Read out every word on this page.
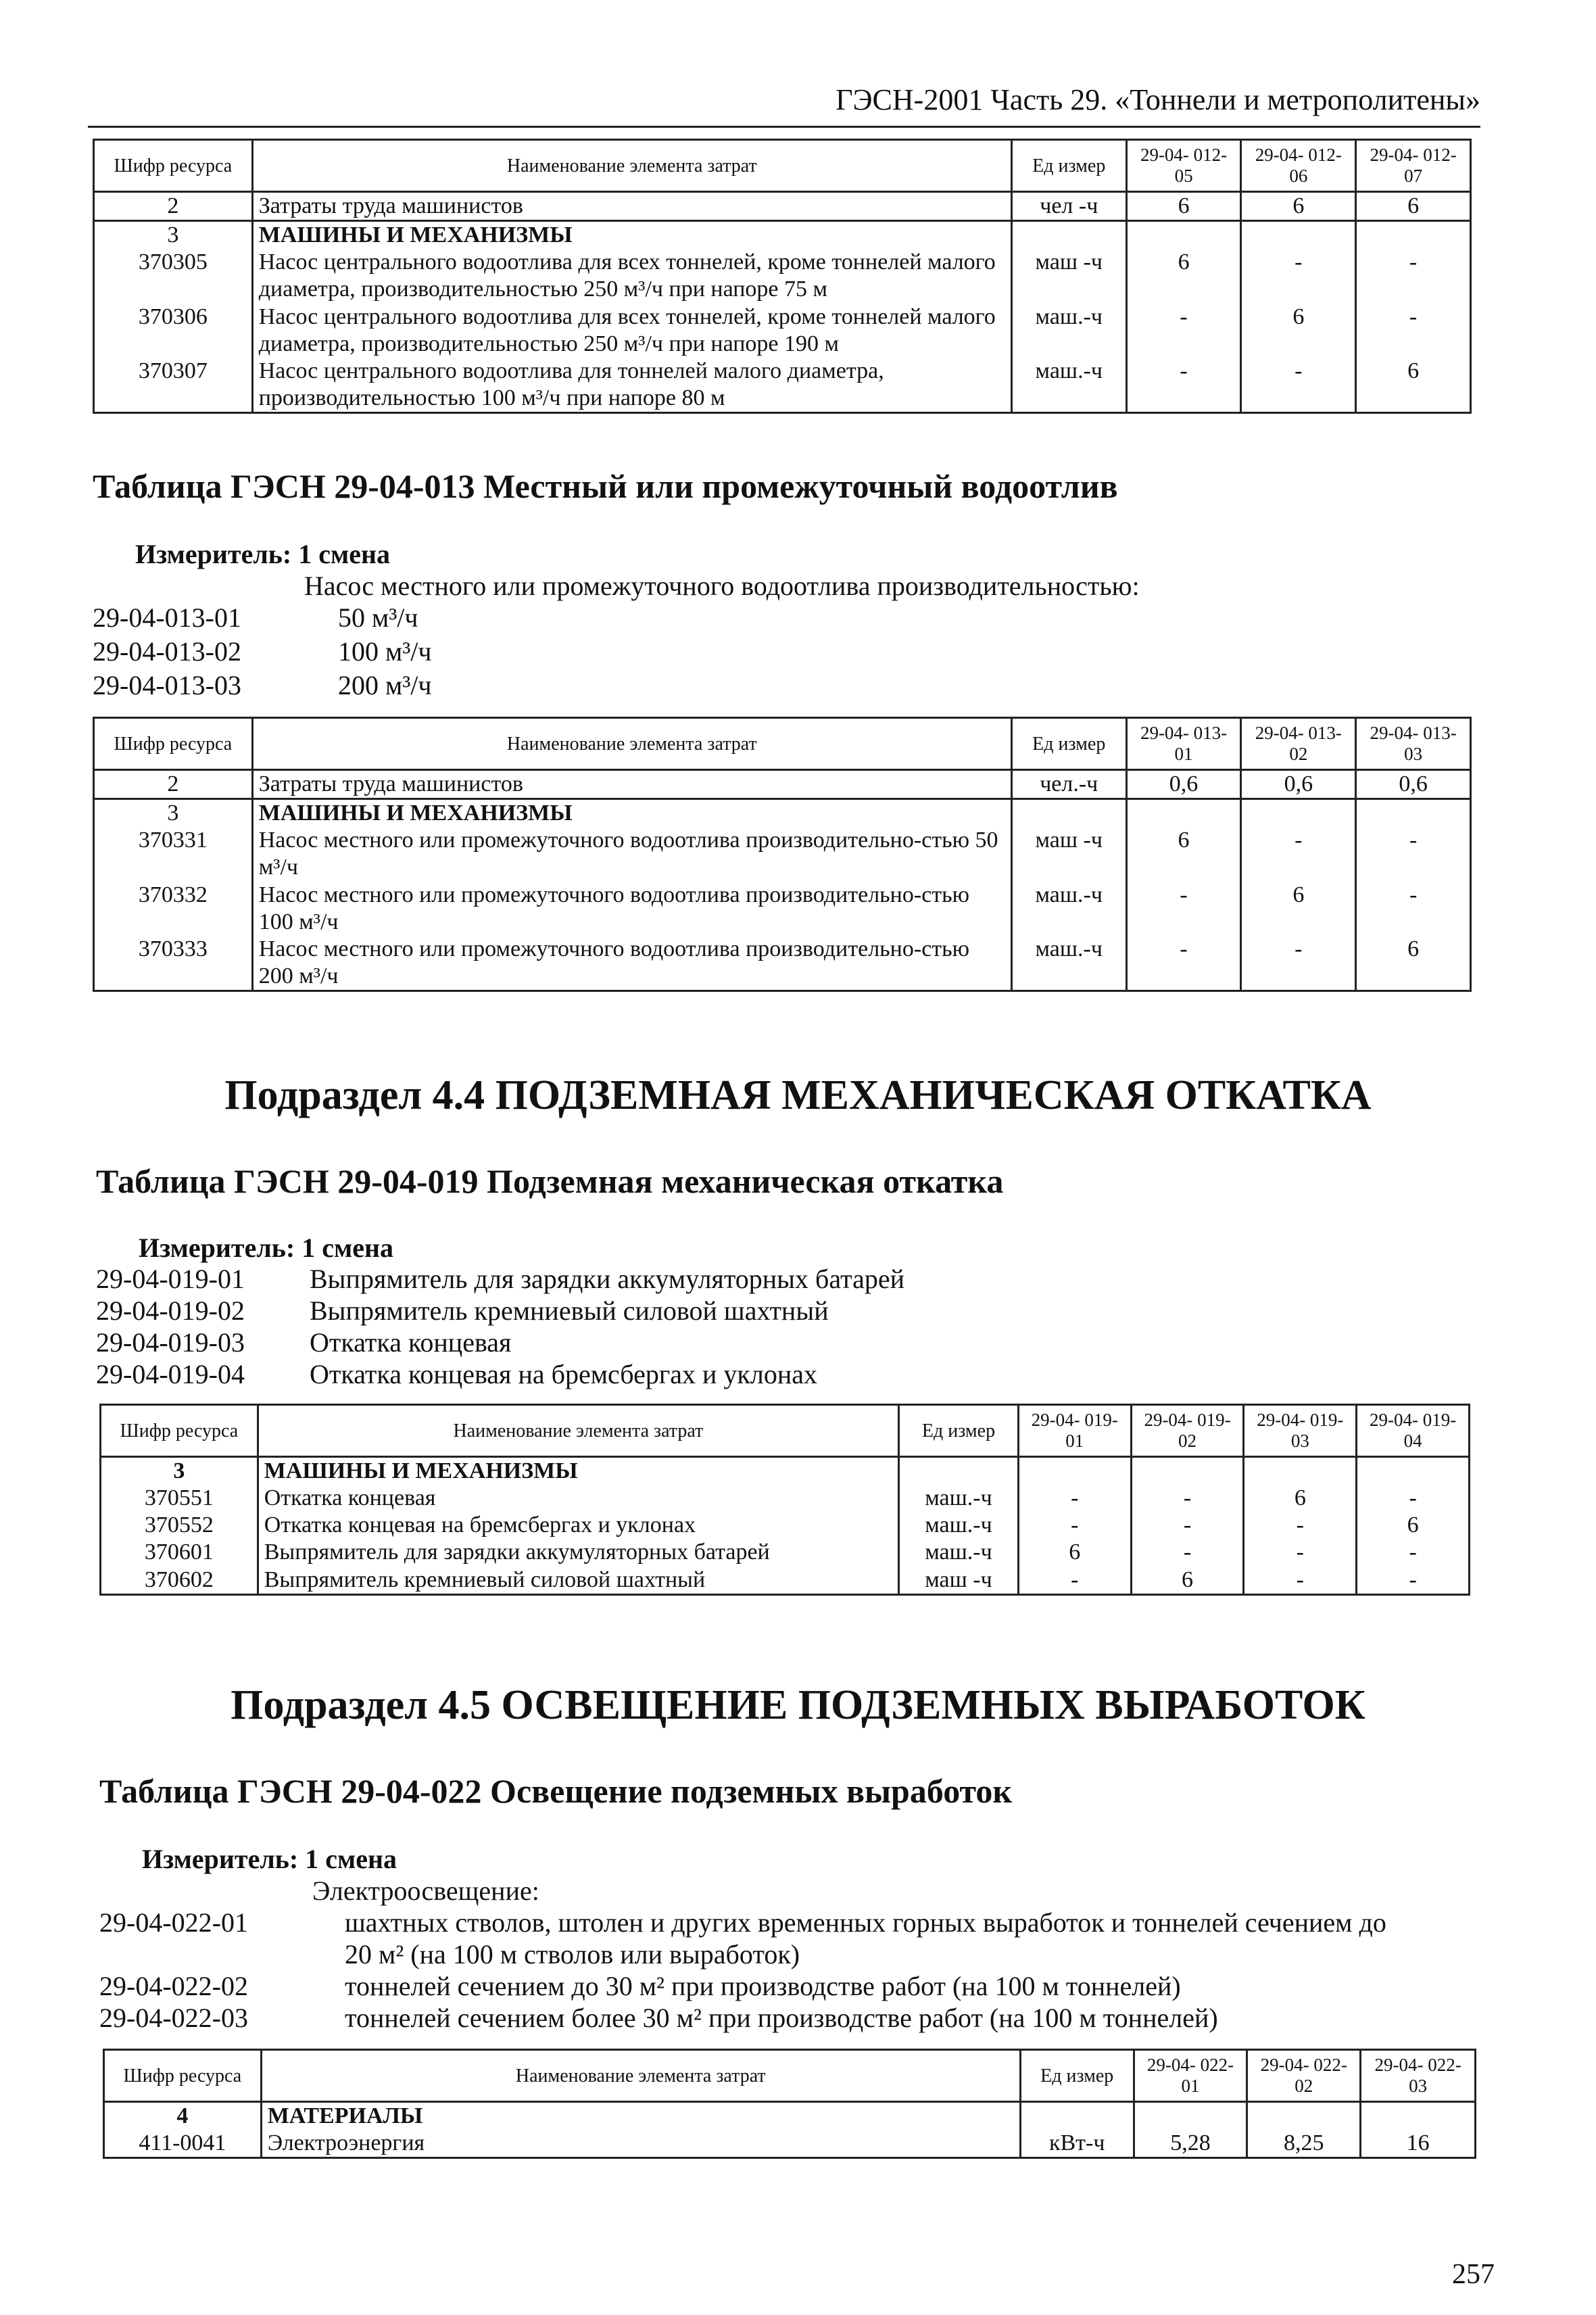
ГЭСН-2001 Часть 29. «Тоннели и метрополитены»
Шифр ресурса	Наименование элемента затрат	Ед измер	29-04- 012-05	29-04- 012-06	29-04- 012-07
2	Затраты труда машинистов	чел -ч	6	6	6
3	МАШИНЫ И МЕХАНИЗМЫ				
370305	Насос центрального водоотлива для всех тоннелей, кроме тоннелей малого диаметра, производительностью 250 м³/ч при напоре 75 м	маш -ч	6	-	-
370306	Насос центрального водоотлива для всех тоннелей, кроме тоннелей малого диаметра, производительностью 250 м³/ч при напоре 190 м	маш.-ч	-	6	-
370307	Насос центрального водоотлива для тоннелей малого диаметра, производительностью 100 м³/ч при напоре 80 м	маш.-ч	-	-	6
Таблица ГЭСН 29-04-013 Местный или промежуточный водоотлив
Измеритель: 1 смена
Насос местного или промежуточного водоотлива производительностью:
29-04-013-01	50 м³/ч
29-04-013-02	100 м³/ч
29-04-013-03	200 м³/ч
Шифр ресурса	Наименование элемента затрат	Ед измер	29-04- 013-01	29-04- 013-02	29-04- 013-03
2	Затраты труда машинистов	чел.-ч	0,6	0,6	0,6
3	МАШИНЫ И МЕХАНИЗМЫ				
370331	Насос местного или промежуточного водоотлива производительно-стью 50 м³/ч	маш -ч	6	-	-
370332	Насос местного или промежуточного водоотлива производительно-стью 100 м³/ч	маш.-ч	-	6	-
370333	Насос местного или промежуточного водоотлива производительно-стью 200 м³/ч	маш.-ч	-	-	6
Подраздел 4.4 ПОДЗЕМНАЯ МЕХАНИЧЕСКАЯ ОТКАТКА
Таблица ГЭСН 29-04-019 Подземная механическая откатка
Измеритель: 1 смена
29-04-019-01 Выпрямитель для зарядки аккумуляторных батарей
29-04-019-02 Выпрямитель кремниевый силовой шахтный
29-04-019-03 Откатка концевая
29-04-019-04 Откатка концевая на бремсбергах и уклонах
Шифр ресурса	Наименование элемента затрат	Ед измер	29-04- 019-01	29-04- 019-02	29-04- 019-03	29-04- 019-04
3	МАШИНЫ И МЕХАНИЗМЫ					
370551	Откатка концевая	маш.-ч	-	-	6	-
370552	Откатка концевая на бремсбергах и уклонах	маш.-ч	-	-	-	6
370601	Выпрямитель для зарядки аккумуляторных батарей	маш.-ч	6	-	-	-
370602	Выпрямитель кремниевый силовой шахтный	маш -ч	-	6	-	-
Подраздел 4.5 ОСВЕЩЕНИЕ ПОДЗЕМНЫХ ВЫРАБОТОК
Таблица ГЭСН 29-04-022 Освещение подземных выработок
Измеритель: 1 смена
Электроосвещение:
29-04-022-01	шахтных стволов, штолен и других временных горных выработок и тоннелей сечением до
20 м² (на 100 м стволов или выработок)
29-04-022-02	тоннелей сечением до 30 м² при производстве работ (на 100 м тоннелей)
29-04-022-03	тоннелей сечением более 30 м² при производстве работ (на 100 м тоннелей)
Шифр ресурса	Наименование элемента затрат	Ед измер	29-04- 022-01	29-04- 022-02	29-04- 022-03
4	МАТЕРИАЛЫ				
411-0041	Электроэнергия	кВт-ч	5,28	8,25	16
257
